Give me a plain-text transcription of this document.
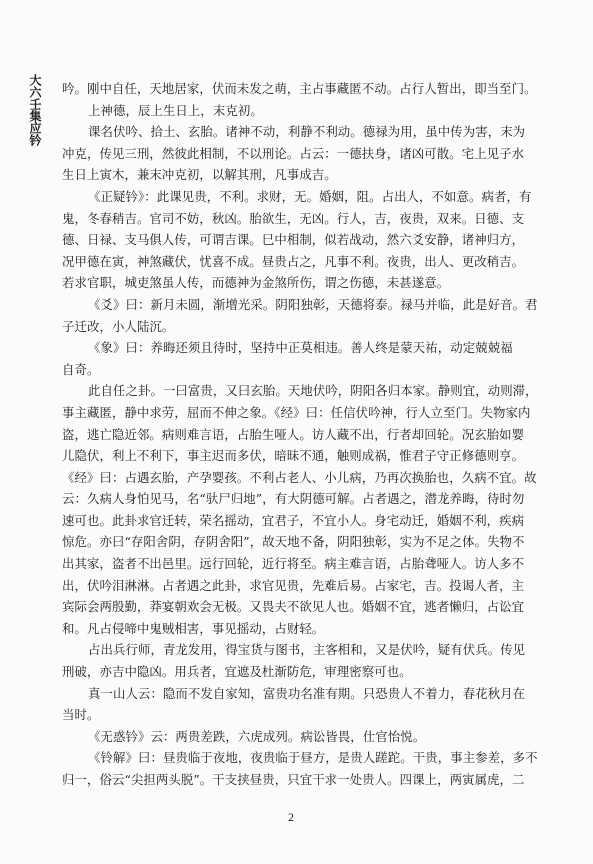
大六壬集应钤 吟。刚中自任，天地居家，伏而未发之萌，主占事藏匿不动。占行人暂出，即当至门。
上神德，辰上生日上，末克初。
课名伏吟、拾土、玄胎。诸神不动，利静不利动。德禄为用，虽中传为害，末为
冲克，传见三刑，然彼此相制，不以刑论。占云：一德扶身，诸凶可散。宅上见子水
生日上寅木，兼末冲克初，以解其刑，凡事成吉。
《正疑钤》：此课见贵，不利。求财，无。婚姻，阻。占出人，不如意。病者，有
鬼，冬春稍吉。官司不妨，秋凶。胎欲生，无凶。行人，吉，夜贵，双来。日德、支
德、日禄、支马俱人传，可谓吉课。巳中相制，似若战动，然六爻安静，诸神归方，
况甲德在寅，神煞藏伏，忧喜不成。昼贵占之，凡事不利。夜贵，出人、更改稍吉。
若求官职，城吏煞虽人传，而德神为金煞所伤，谓之伤德，未甚遂意。
《爻》曰：新月未圆，渐增光采。阴阳独彰，天德将泰。禄马并临，此是好音。君
子迁改，小人陆沉。
《象》曰：养晦还须且待时，坚持中正莫相违。善人终是蒙天祐，动定兢兢福
自奇。
此自任之卦。一曰富贵，又曰玄胎。天地伏吟，阴阳各归本家。静则宜，动则滞，
事主藏匿，静中求劳，屈而不伸之象。《经》曰：任信伏吟神，行人立至门。失物家内
盗，逃亡隐近邻。病则难言语，占胎生哑人。访人藏不出，行者却回轮。况玄胎如婴
儿隐伏，利上不利下，事主迟而多伏，暗昧不通，触则成祸，惟君子守正修德则亨。
《经》曰：占遇玄胎，产孕婴孩。不利占老人、小儿病，乃再次换胎也，久病不宜。故
云：久病人身怕见马，名“驮尸归地”，有大阴德可解。占者遇之，潜龙养晦，待时勿
速可也。此卦求官迁转，荣名摇动，宜君子，不宜小人。身宅动迁，婚姻不利，疾病
惊危。亦曰“存阳舍阴，存阴舍阳”，故天地不备，阴阳独彰，实为不足之体。失物不
出其家，盗者不出邑里。远行回轮，近行将至。病主难言语，占胎聋哑人。访人多不
出，伏吟泪淋淋。占者遇之此卦，求官见贵，先难后易。占家宅，吉。投谒人者，主
宾际会两殷勤，莽宴朝欢会无极。又畏夫不欲见人也。婚姻不宜，逃者懒归，占讼宜
和。凡占侵啼中鬼贼相害，事见摇动，占财轻。
占出兵行师，青龙发用，得宝货与图书，主客相和，又是伏吟，疑有伏兵。传见
刑破，亦吉中隐凶。用兵者，宜遮及杜渐防危，审理密察可也。
真一山人云：隐而不发自家知，富贵功名准有期。只恐贵人不着力，春花秋月在
当时。
《无惑钤》云：两贵差跌，六虎成列。病讼皆畏，仕官怡悦。
《铃解》曰：昼贵临于夜地，夜贵临于昼方，是贵人蹉跎。干贵，事主参差，多不
归一，俗云“尖担两头脱”。干支挟昼贵，只宜干求一处贵人。四课上，两寅属虎，二
2
